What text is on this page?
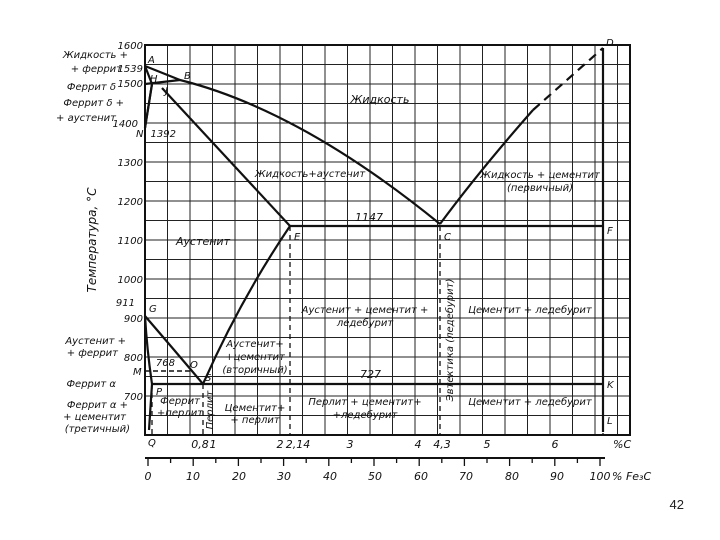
Температура, °С
1600
1539
1500
1400
1392
1300
1200
1100
1000
911
900
800 768
700
A
H
J
B
N
D
E	C
F
G
O
M
S
K
P
L
Q
1147
727
Жидкость +
+ феррит
Феррит δ
Феррит δ +
+ аустенит
Аустенит +
+ феррит
Феррит α
Феррит α +
+ цементит
(третичный)
Жидкость
Жидкость+аустенит	Жидкость + цементит
(первичный)
Аустенит
Аустенит + цементит +
ледебурит
Цементит + ледебурит
Аустенит+
+цементит
(вторичный)
Феррит
+перлит Цементит+
+ перлит
Перлит + цементит+
+ледебурит
Цементит + ледебурит
Эвтектика (ледебурит)
Перлит
0,8 1	2 2,14	3	4 4,3	5	6	%C
0	10	20	30	40	50	60	70	80	90 100 % Fe₃C
42
